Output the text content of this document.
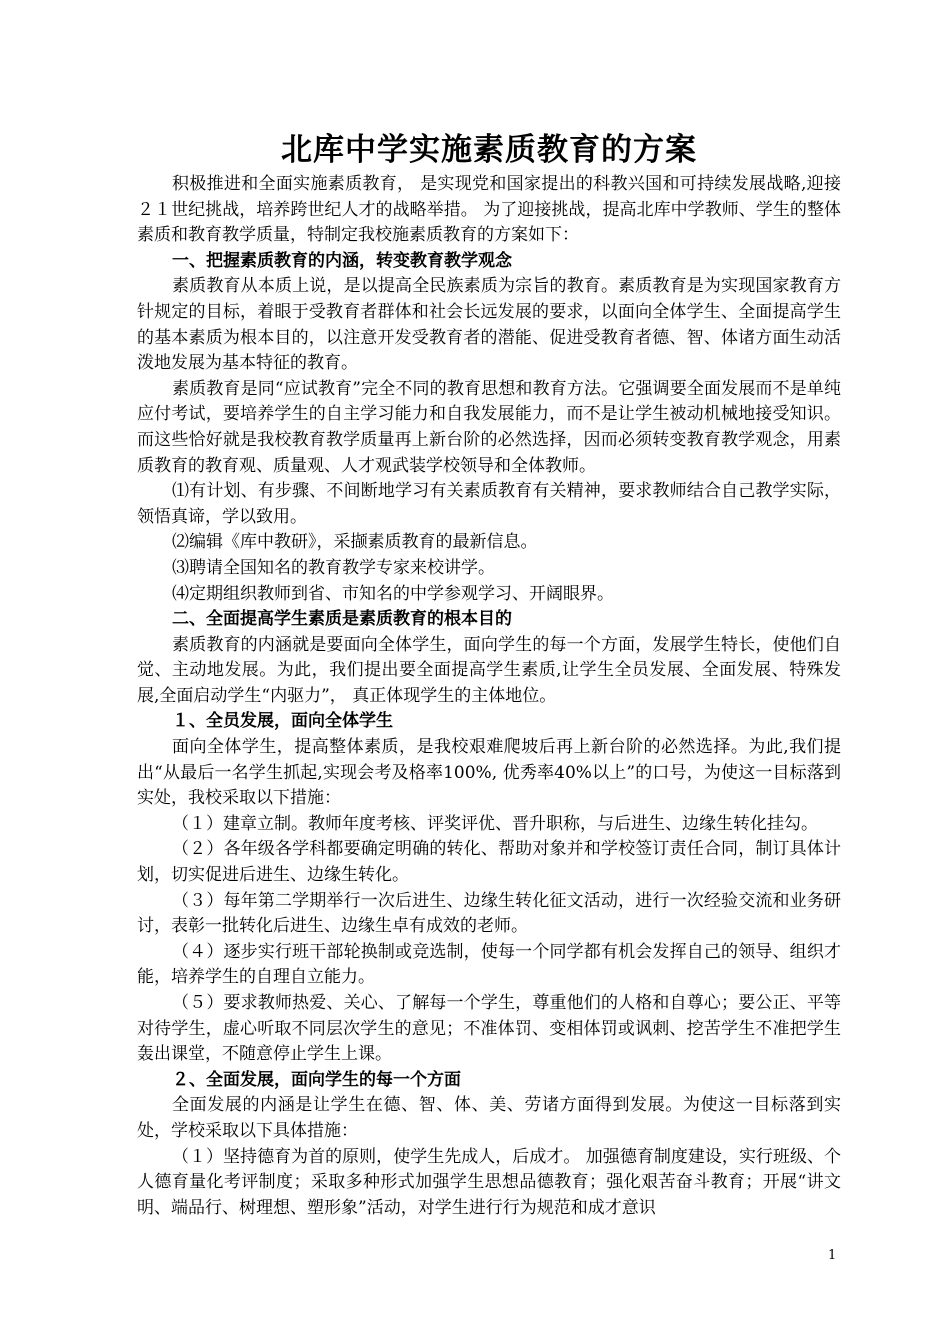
北库中学实施素质教育的方案

积极推进和全面实施素质教育， 是实现党和国家提出的科教兴国和可持续发展战略,迎接２１世纪挑战，培养跨世纪人才的战略举措。 为了迎接挑战，提高北库中学教师、学生的整体素质和教育教学质量，特制定我校施素质教育的方案如下：

一、把握素质教育的内涵，转变教育教学观念

素质教育从本质上说，是以提高全民族素质为宗旨的教育。素质教育是为实现国家教育方针规定的目标，着眼于受教育者群体和社会长远发展的要求，以面向全体学生、全面提高学生的基本素质为根本目的，以注意开发受教育者的潜能、促进受教育者德、智、体诸方面生动活泼地发展为基本特征的教育。

素质教育是同“应试教育”完全不同的教育思想和教育方法。它强调要全面发展而不是单纯应付考试，要培养学生的自主学习能力和自我发展能力，而不是让学生被动机械地接受知识。而这些恰好就是我校教育教学质量再上新台阶的必然选择，因而必须转变教育教学观念，用素质教育的教育观、质量观、人才观武装学校领导和全体教师。

⑴有计划、有步骤、不间断地学习有关素质教育有关精神，要求教师结合自己教学实际，领悟真谛，学以致用。

⑵编辑《库中教研》，采撷素质教育的最新信息。

⑶聘请全国知名的教育教学专家来校讲学。

⑷定期组织教师到省、市知名的中学参观学习、开阔眼界。

二、全面提高学生素质是素质教育的根本目的

素质教育的内涵就是要面向全体学生，面向学生的每一个方面，发展学生特长，使他们自觉、主动地发展。为此，我们提出要全面提高学生素质,让学生全员发展、全面发展、特殊发展,全面启动学生“内驱力”， 真正体现学生的主体地位。

１、全员发展，面向全体学生

面向全体学生，提高整体素质，是我校艰难爬坡后再上新台阶的必然选择。为此,我们提出“从最后一名学生抓起,实现会考及格率100%, 优秀率40%以上”的口号，为使这一目标落到实处，我校采取以下措施：

（１）建章立制。教师年度考核、评奖评优、晋升职称，与后进生、边缘生转化挂勾。

（２）各年级各学科都要确定明确的转化、帮助对象并和学校签订责任合同，制订具体计划，切实促进后进生、边缘生转化。

（３）每年第二学期举行一次后进生、边缘生转化征文活动，进行一次经验交流和业务研讨，表彰一批转化后进生、边缘生卓有成效的老师。

（４）逐步实行班干部轮换制或竞选制，使每一个同学都有机会发挥自己的领导、组织才能，培养学生的自理自立能力。

（５）要求教师热爱、关心、了解每一个学生，尊重他们的人格和自尊心；要公正、平等对待学生，虚心听取不同层次学生的意见；不准体罚、变相体罚或讽刺、挖苦学生不准把学生轰出课堂，不随意停止学生上课。

２、全面发展，面向学生的每一个方面

全面发展的内涵是让学生在德、智、体、美、劳诸方面得到发展。为使这一目标落到实处，学校采取以下具体措施：

（１）坚持德育为首的原则，使学生先成人，后成才。 加强德育制度建设，实行班级、个人德育量化考评制度；采取多种形式加强学生思想品德教育；强化艰苦奋斗教育；开展“讲文明、端品行、树理想、塑形象”活动，对学生进行行为规范和成才意识

1
